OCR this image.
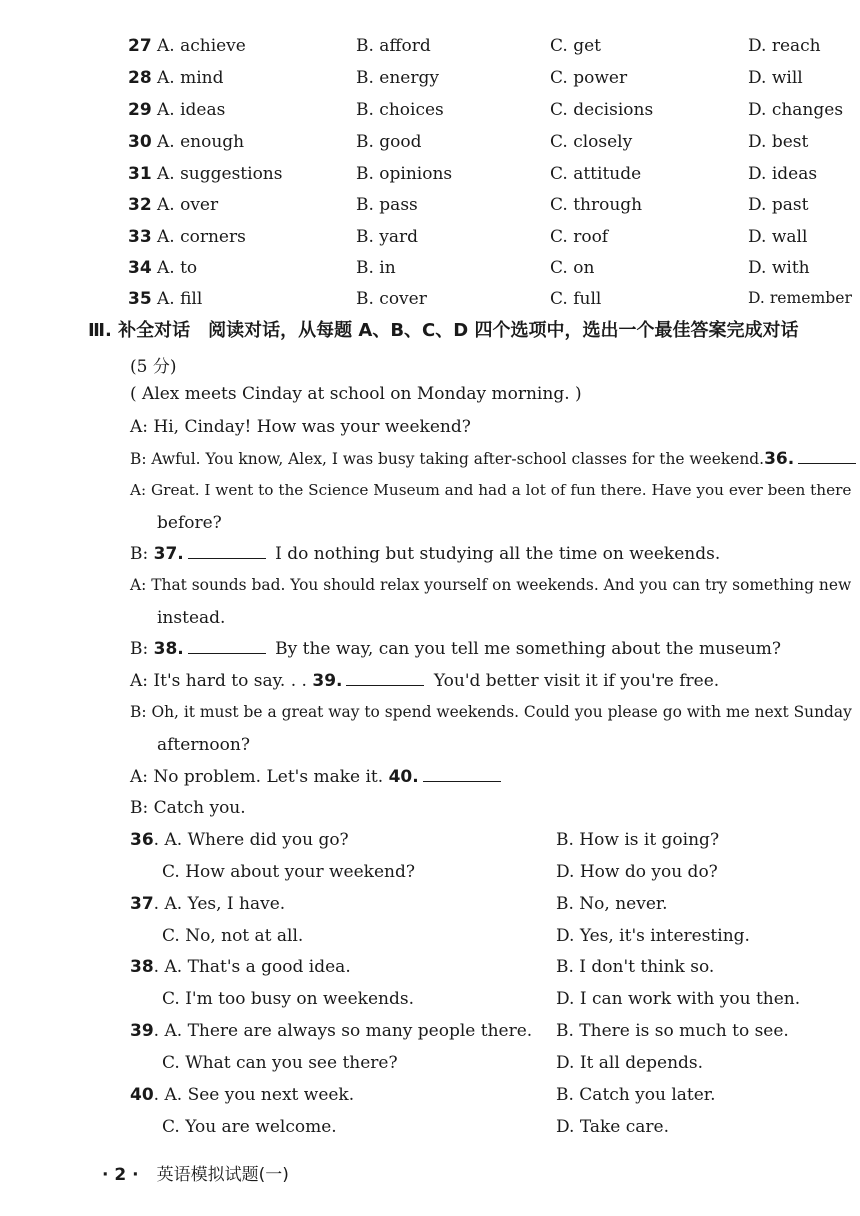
27 A. achieve	B. afford	C. get	D. reach
28 A. mind	B. energy	C. power	D. will
29 A. ideas	B. choices	C. decisions	D. changes
30 A. enough	B. good	C. closely	D. best
31 A. suggestions	B. opinions	C. attitude	D. ideas
32 A. over	B. pass	C. through	D. past
33 A. corners	B. yard	C. roof	D. wall
34 A. to	B. in	C. on	D. with
35 A. fill	B. cover	C. full	D. remember
Ⅲ. 补全对话　阅读对话，从每题 A、B、C、D 四个选项中，选出一个最佳答案完成对话
(5 分)
( Alex meets Cinday at school on Monday morning. )
A: Hi, Cinday! How was your weekend?
B: Awful. You know, Alex, I was busy taking after-school classes for the weekend.36.
A: Great. I went to the Science Museum and had a lot of fun there. Have you ever been there
before?
B: 37.	I do nothing but studying all the time on weekends.
A: That sounds bad. You should relax yourself on weekends. And you can try something new
instead.
B: 38.	By the way, can you tell me something about the museum?
A: It's hard to say. . . 39.	You'd better visit it if you're free.
B: Oh, it must be a great way to spend weekends. Could you please go with me next Sunday
afternoon?
A: No problem. Let's make it. 40.
B: Catch you.
36. A. Where did you go?	B. How is it going?
C. How about your weekend?	D. How do you do?
37. A. Yes, I have.	B. No, never.
C. No, not at all.	D. Yes, it's interesting.
38. A. That's a good idea.	B. I don't think so.
C. I'm too busy on weekends.	D. I can work with you then.
39. A. There are always so many people there. B. There is so much to see.
C. What can you see there?	D. It all depends.
40. A. See you next week.	B. Catch you later.
C. You are welcome.	D. Take care.
· 2 · 英语模拟试题(一)
